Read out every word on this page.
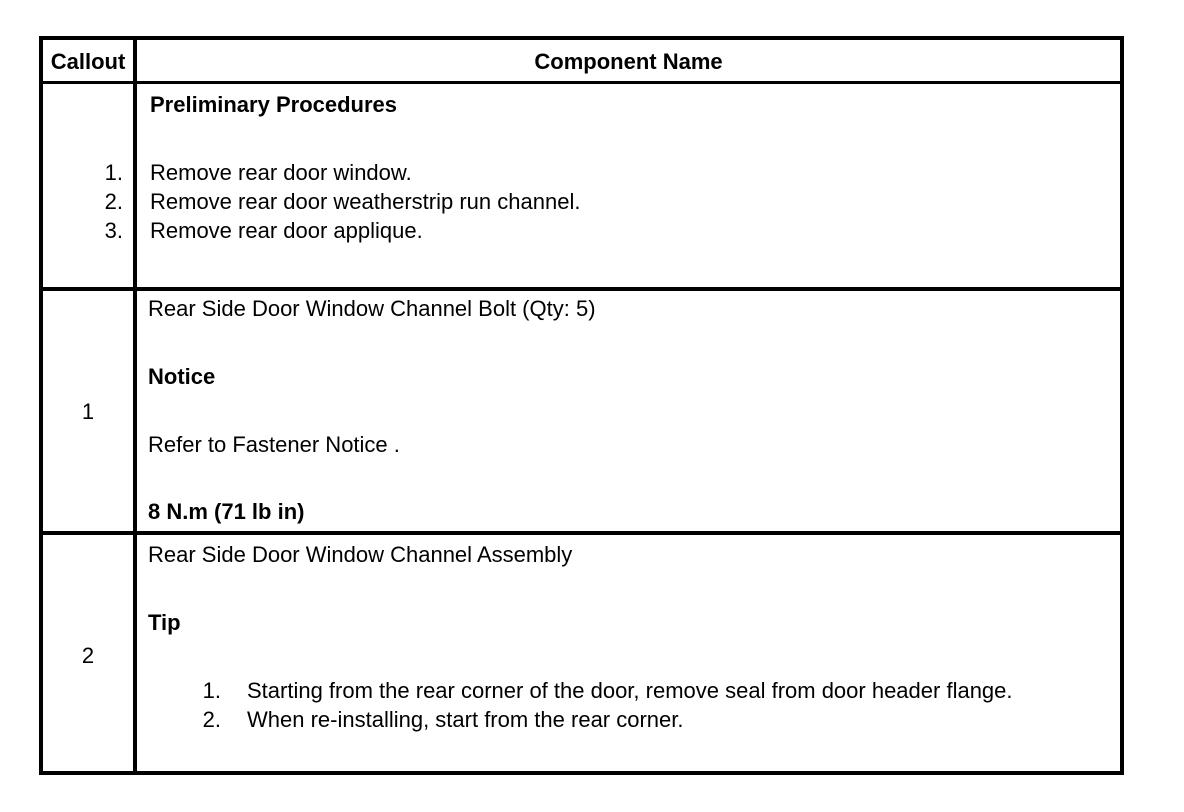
Callout	Component Name
Preliminary Procedures
1. Remove rear door window.
2. Remove rear door weatherstrip run channel.
3. Remove rear door applique.
1
Rear Side Door Window Channel Bolt (Qty: 5)
Notice
Refer to Fastener Notice .
8 N.m (71 lb in)
2
Rear Side Door Window Channel Assembly
Tip
1. Starting from the rear corner of the door, remove seal from door header flange.
2. When re-installing, start from the rear corner.
